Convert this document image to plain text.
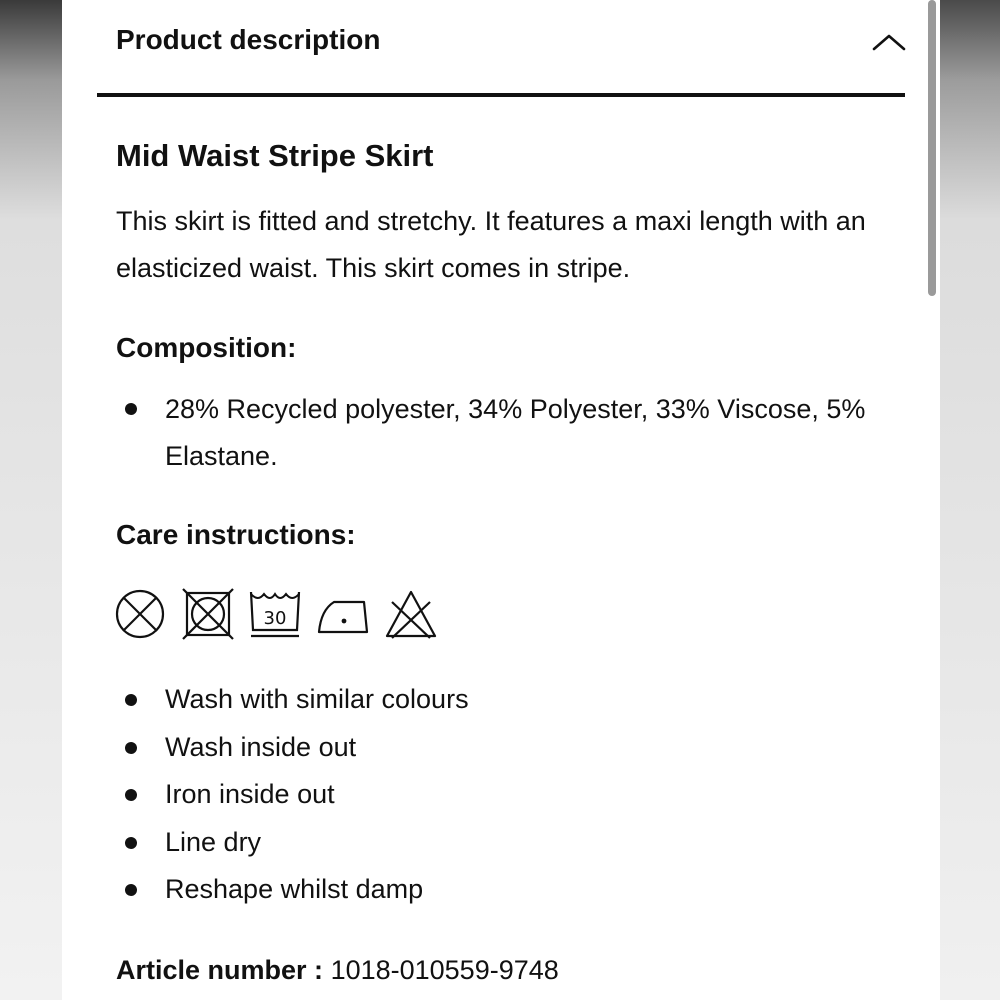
Product description
Mid Waist Stripe Skirt
This skirt is fitted and stretchy. It features a maxi length with an elasticized waist. This skirt comes in stripe.
Composition:
28% Recycled polyester, 34% Polyester, 33% Viscose, 5% Elastane.
Care instructions:
30
Wash with similar colours
Wash inside out
Iron inside out
Line dry
Reshape whilst damp
Article number : 1018-010559-9748
